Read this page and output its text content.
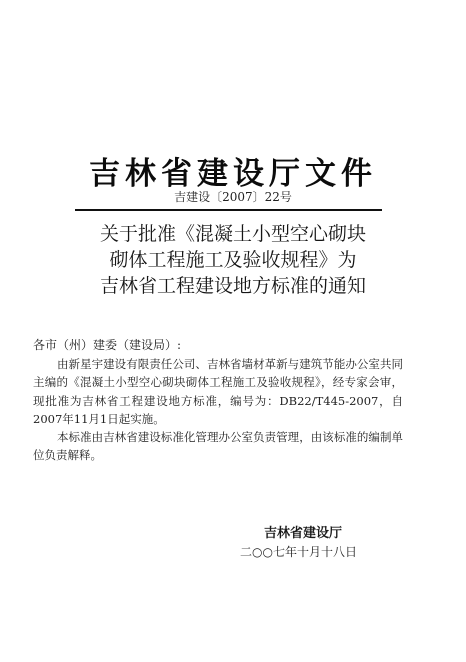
吉林省建设厅文件
吉建设〔2007〕22号
关于批准《混凝土小型空心砌块
砌体工程施工及验收规程》为
吉林省工程建设地方标准的通知
各市（州）建委（建设局）:

由新星宇建设有限责任公司、吉林省墙材革新与建筑节能办公室共同主编的《混凝土小型空心砌块砌体工程施工及验收规程》，经专家会审，现批准为吉林省工程建设地方标准，编号为：DB22/T445-2007，自2007年11月1日起实施。

本标准由吉林省建设标准化管理办公室负责管理，由该标准的编制单位负责解释。

吉林省建设厅
二○○七年十月十八日
